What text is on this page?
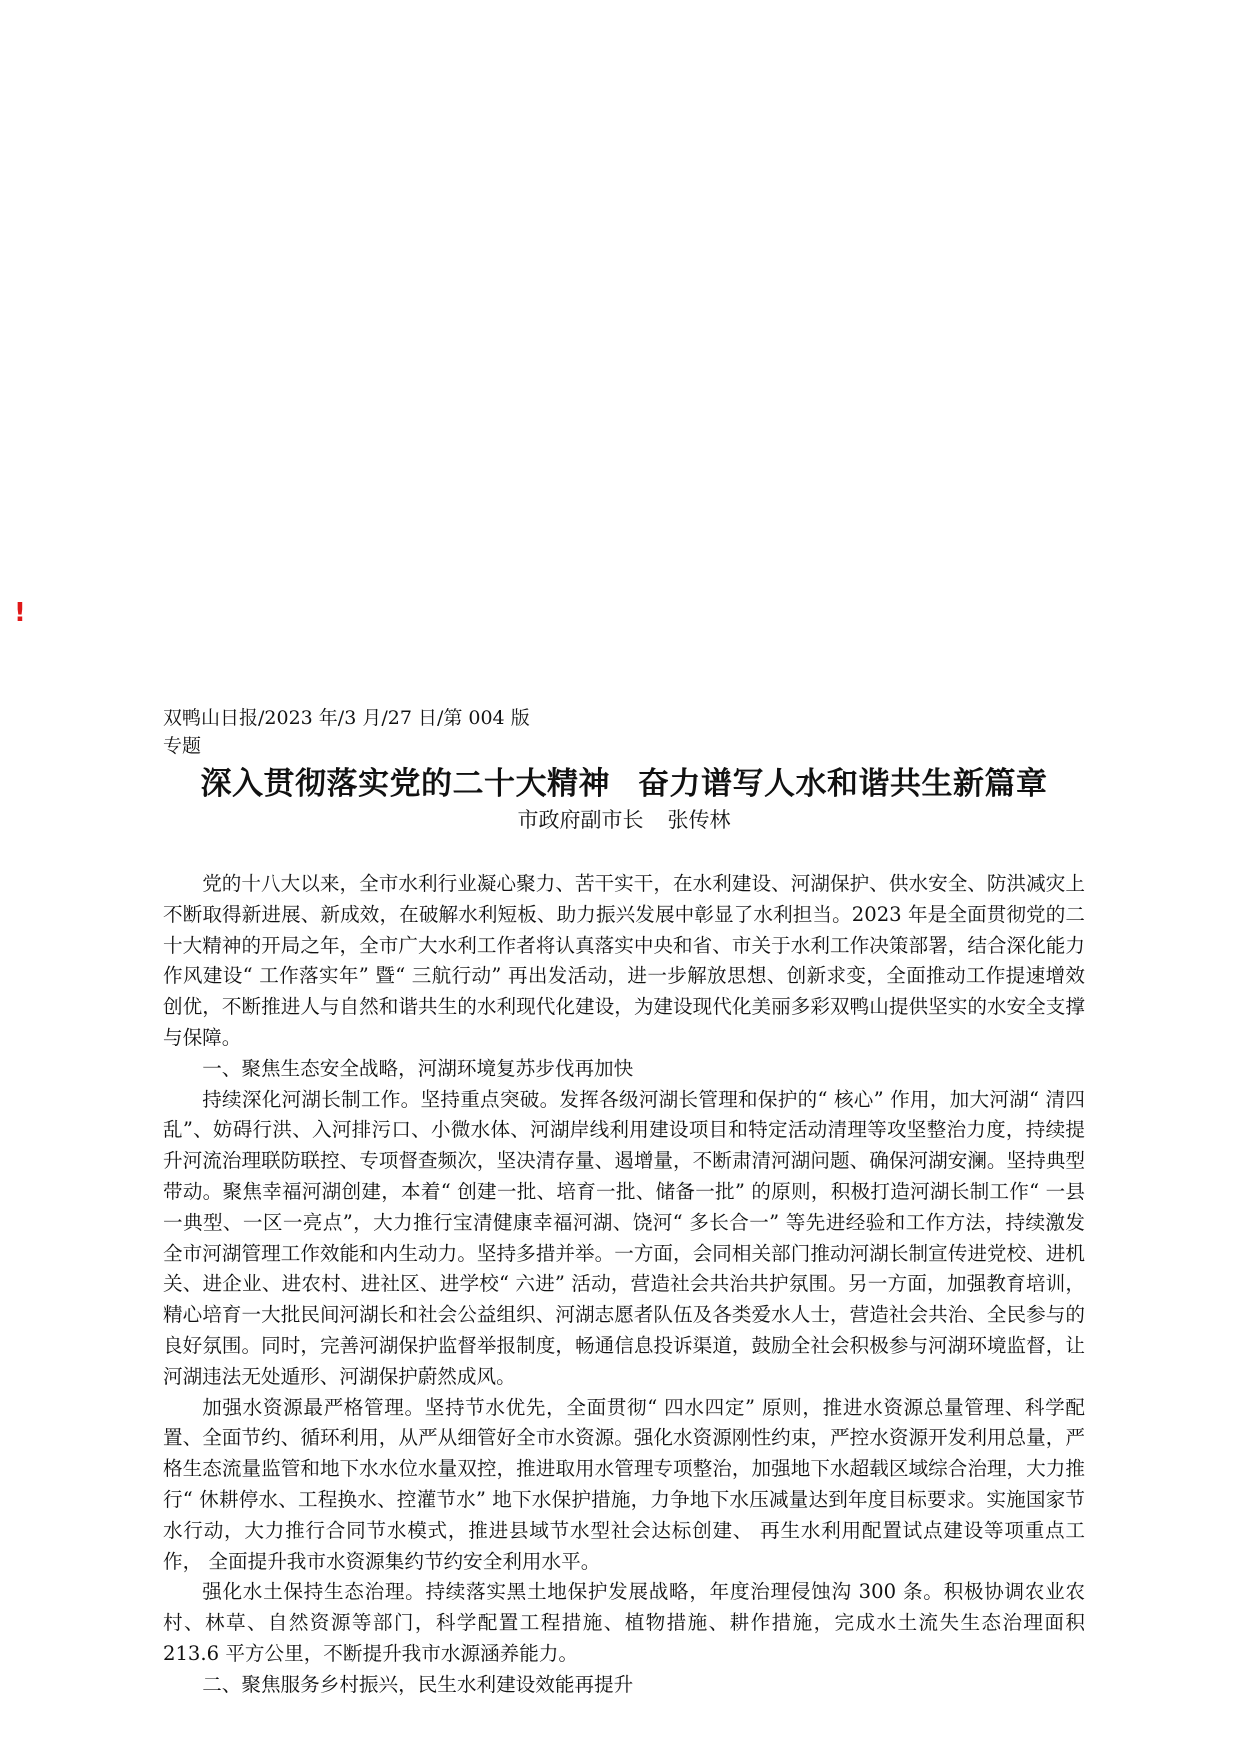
!
双鸭山日报/2023 年/3 月/27 日/第 004 版专题
深入贯彻落实党的二十大精神 奋力谱写人水和谐共生新篇章
市政府副市长 张传林

党的十八大以来，全市水利行业凝心聚力、苦干实干，在水利建设、河湖保护、供水安全、防洪减灾上不断取得新进展、新成效，在破解水利短板、助力振兴发展中彰显了水利担当。2023 年是全面贯彻党的二十大精神的开局之年，全市广大水利工作者将认真落实中央和省、市关于水利工作决策部署，结合深化能力作风建设“ 工作落实年” 暨“ 三航行动” 再出发活动，进一步解放思想、创新求变，全面推动工作提速增效创优，不断推进人与自然和谐共生的水利现代化建设，为建设现代化美丽多彩双鸭山提供坚实的水安全支撑与保障。

一、聚焦生态安全战略，河湖环境复苏步伐再加快

持续深化河湖长制工作。坚持重点突破。发挥各级河湖长管理和保护的“ 核心” 作用，加大河湖“ 清四乱”、妨碍行洪、入河排污口、小微水体、河湖岸线利用建设项目和特定活动清理等攻坚整治力度，持续提升河流治理联防联控、专项督查频次，坚决清存量、遏增量，不断肃清河湖问题、确保河湖安澜。坚持典型带动。聚焦幸福河湖创建，本着“ 创建一批、培育一批、储备一批” 的原则，积极打造河湖长制工作“ 一县一典型、一区一亮点”，大力推行宝清健康幸福河湖、饶河“ 多长合一” 等先进经验和工作方法，持续激发全市河湖管理工作效能和内生动力。坚持多措并举。一方面，会同相关部门推动河湖长制宣传进党校、进机关、进企业、进农村、进社区、进学校“ 六进” 活动，营造社会共治共护氛围。另一方面，加强教育培训，精心培育一大批民间河湖长和社会公益组织、河湖志愿者队伍及各类爱水人士，营造社会共治、全民参与的良好氛围。同时，完善河湖保护监督举报制度，畅通信息投诉渠道，鼓励全社会积极参与河湖环境监督，让河湖违法无处遁形、河湖保护蔚然成风。

加强水资源最严格管理。坚持节水优先，全面贯彻“ 四水四定” 原则，推进水资源总量管理、科学配置、全面节约、循环利用，从严从细管好全市水资源。强化水资源刚性约束，严控水资源开发利用总量，严格生态流量监管和地下水水位水量双控，推进取用水管理专项整治，加强地下水超载区域综合治理，大力推行“ 休耕停水、工程换水、控灌节水” 地下水保护措施，力争地下水压减量达到年度目标要求。实施国家节水行动，大力推行合同节水模式，推进县域节水型社会达标创建、 再生水利用配置试点建设等项重点工作， 全面提升我市水资源集约节约安全利用水平。

强化水土保持生态治理。持续落实黑土地保护发展战略，年度治理侵蚀沟 300 条。积极协调农业农村、林草、自然资源等部门，科学配置工程措施、植物措施、耕作措施，完成水土流失生态治理面积 213.6 平方公里，不断提升我市水源涵养能力。

二、聚焦服务乡村振兴，民生水利建设效能再提升
